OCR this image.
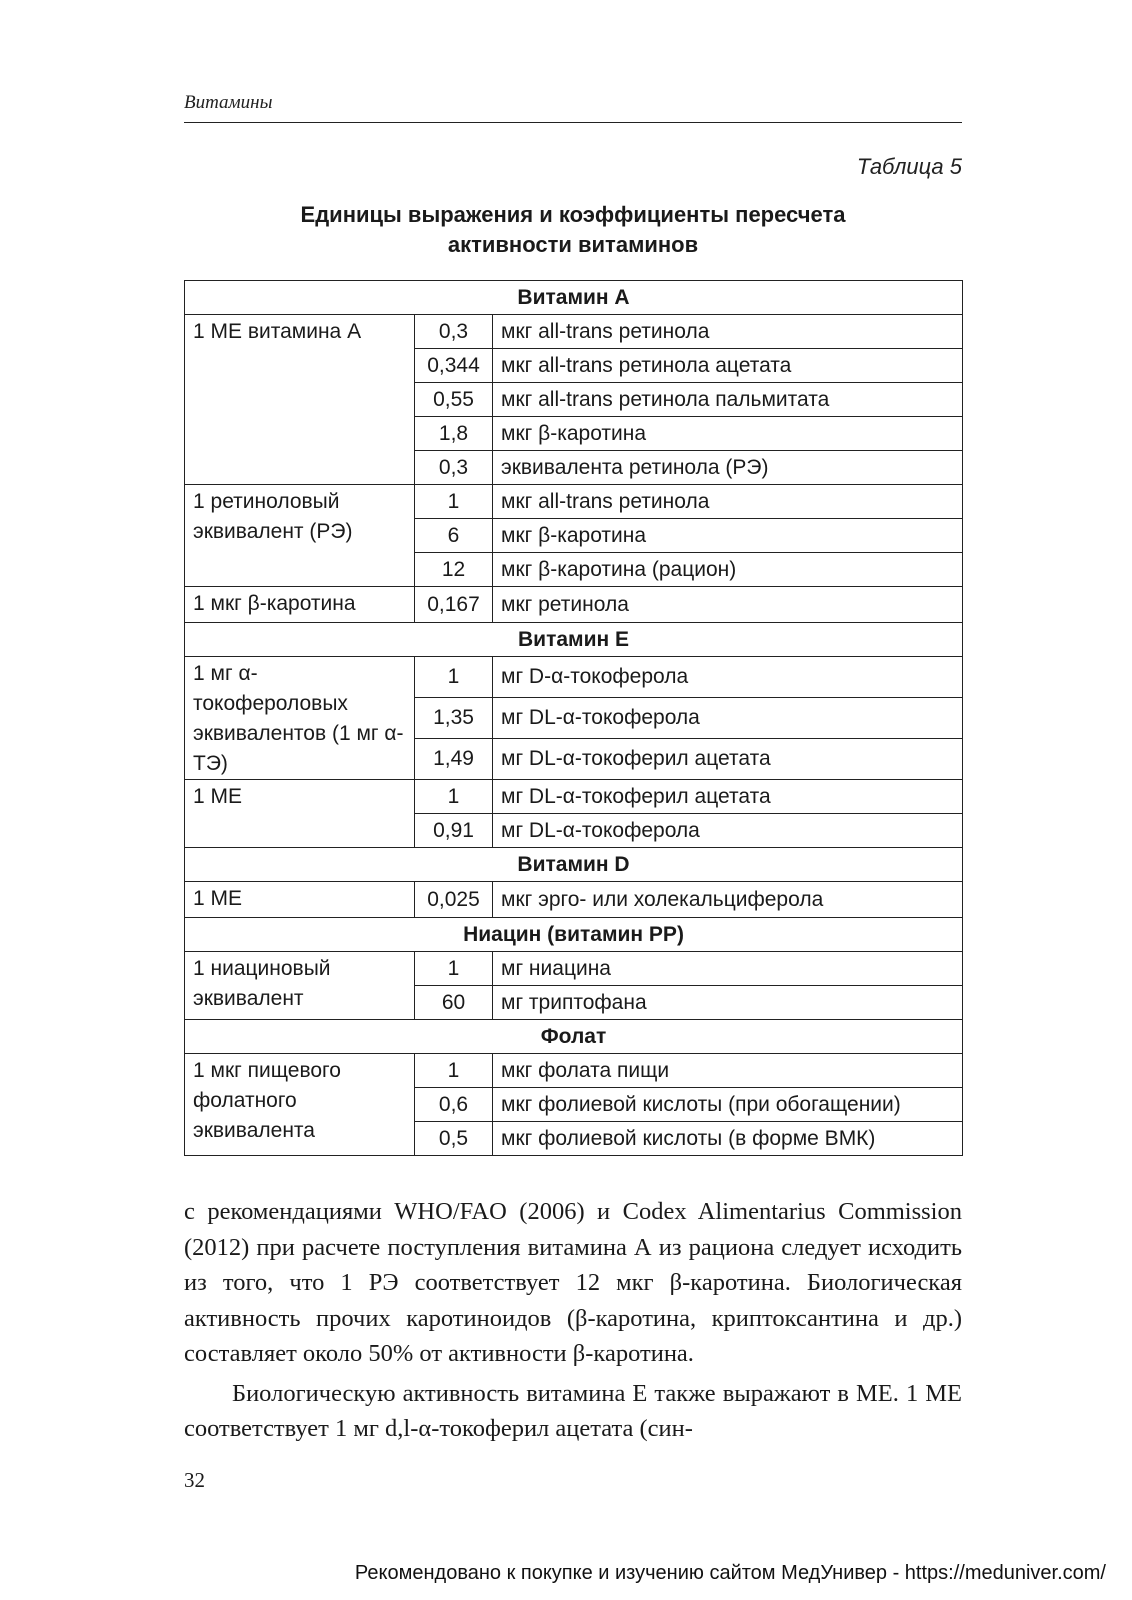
Витамины
Таблица 5
Единицы выражения и коэффициенты пересчета
активности витаминов
Витамин А		
1 МЕ витамина А	0,3	мкг all-trans ретинола
	0,344	мкг all-trans ретинола ацетата
	0,55	мкг all-trans ретинола пальмитата
	1,8	мкг β-каротина
	0,3	эквивалента ретинола (РЭ)
1 ретиноловый эквивалент (РЭ)	1	мкг all-trans ретинола
	6	мкг β-каротина
	12	мкг β-каротина (рацион)
1 мкг β-каротина	0,167	мкг ретинола
Витамин Е		
1 мг α-токофероловых эквивалентов (1 мг α-ТЭ)	1	мг D-α-токоферола
	1,35	мг DL-α-токоферола
	1,49	мг DL-α-токоферил ацетата
1 МЕ	1	мг DL-α-токоферил ацетата
	0,91	мг DL-α-токоферола
Витамин D		
1 МЕ	0,025	мкг эрго- или холекальциферола
Ниацин (витамин РР)		
1 ниациновый эквивалент	1	мг ниацина
	60	мг триптофана
Фолат		
1 мкг пищевого фолатного эквивалента	1	мкг фолата пищи
	0,6	мкг фолиевой кислоты (при обогащении)
	0,5	мкг фолиевой кислоты (в форме ВМК)

с рекомендациями WHO/FAO (2006) и Codex Alimentarius Commission (2012) при расчете поступления витамина А из рациона следует исходить из того, что 1 РЭ соответствует 12 мкг β-каротина. Биологическая активность прочих каротиноидов (β-каротина, криптоксантина и др.) составляет около 50% от активности β-каротина.

Биологическую активность витамина Е также выражают в МЕ. 1 МЕ соответствует 1 мг d,l-α-токоферил ацетата (син-

32
Рекомендовано к покупке и изучению сайтом МедУнивер - https://meduniver.com/
